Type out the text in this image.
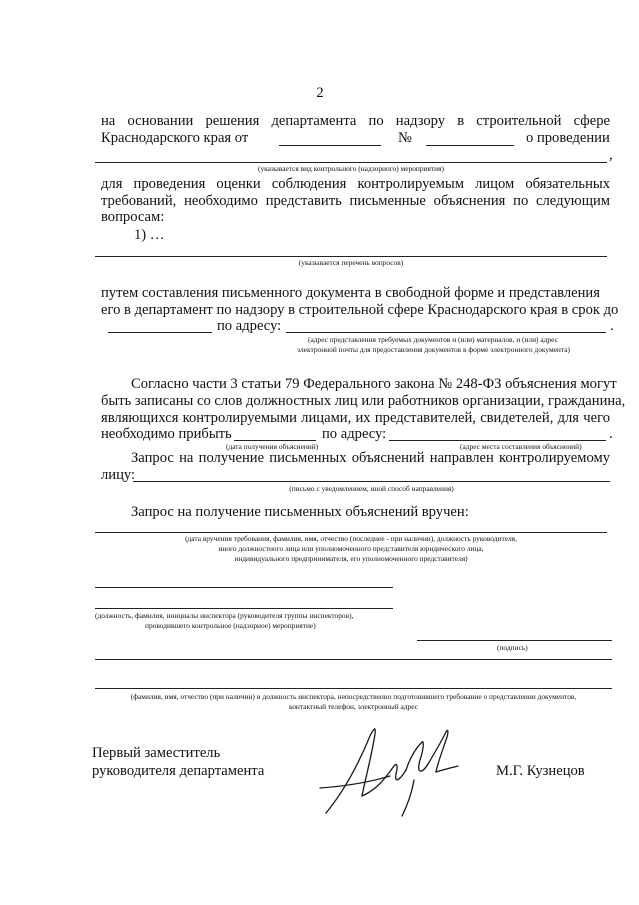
2
на основании решения департамента по надзору в строительной сфере
Краснодарского края от	№	о проведении
,
(указывается вид контрольного (надзорного) мероприятия)
для проведения оценки соблюдения контролируемым лицом обязательных
требований, необходимо представить письменные объяснения по следующим
вопросам:
1) …
(указывается перечень вопросов)
путем составления письменного документа в свободной форме и представления
его в департамент по надзору в строительной сфере Краснодарского края в срок до
по адресу:	.
(адрес представления требуемых документов и (или) материалов, и (или) адрес
электронной почты для предоставления документов в форме электронного документа)
Согласно части 3 статьи 79 Федерального закона № 248-ФЗ объяснения могут
быть записаны со слов должностных лиц или работников организации, гражданина,
являющихся контролируемыми лицами, их представителей, свидетелей, для чего
необходимо прибыть	по адресу:	.
(дата получения объяснений)	(адрес места составления объяснений)
Запрос на получение письменных объяснений направлен контролируемому
лицу:
(письмо с уведомлением, иной способ направления)
Запрос на получение письменных объяснений вручен:
(дата вручения требования, фамилия, имя, отчество (последнее - при наличии), должность руководителя,
иного должностного лица или уполномоченного представителя юридического лица,
индивидуального предпринимателя, его уполномоченного представителя)
(должность, фамилия, инициалы инспектора (руководителя группы инспекторов),
проводившего контрольное (надзорное) мероприятие)
(подпись)
(фамилия, имя, отчество (при наличии) и должность инспектора, непосредственно подготовившего требование о представлении документов,
контактный телефон, электронный адрес
Первый заместитель
руководителя департамента	М.Г. Кузнецов
